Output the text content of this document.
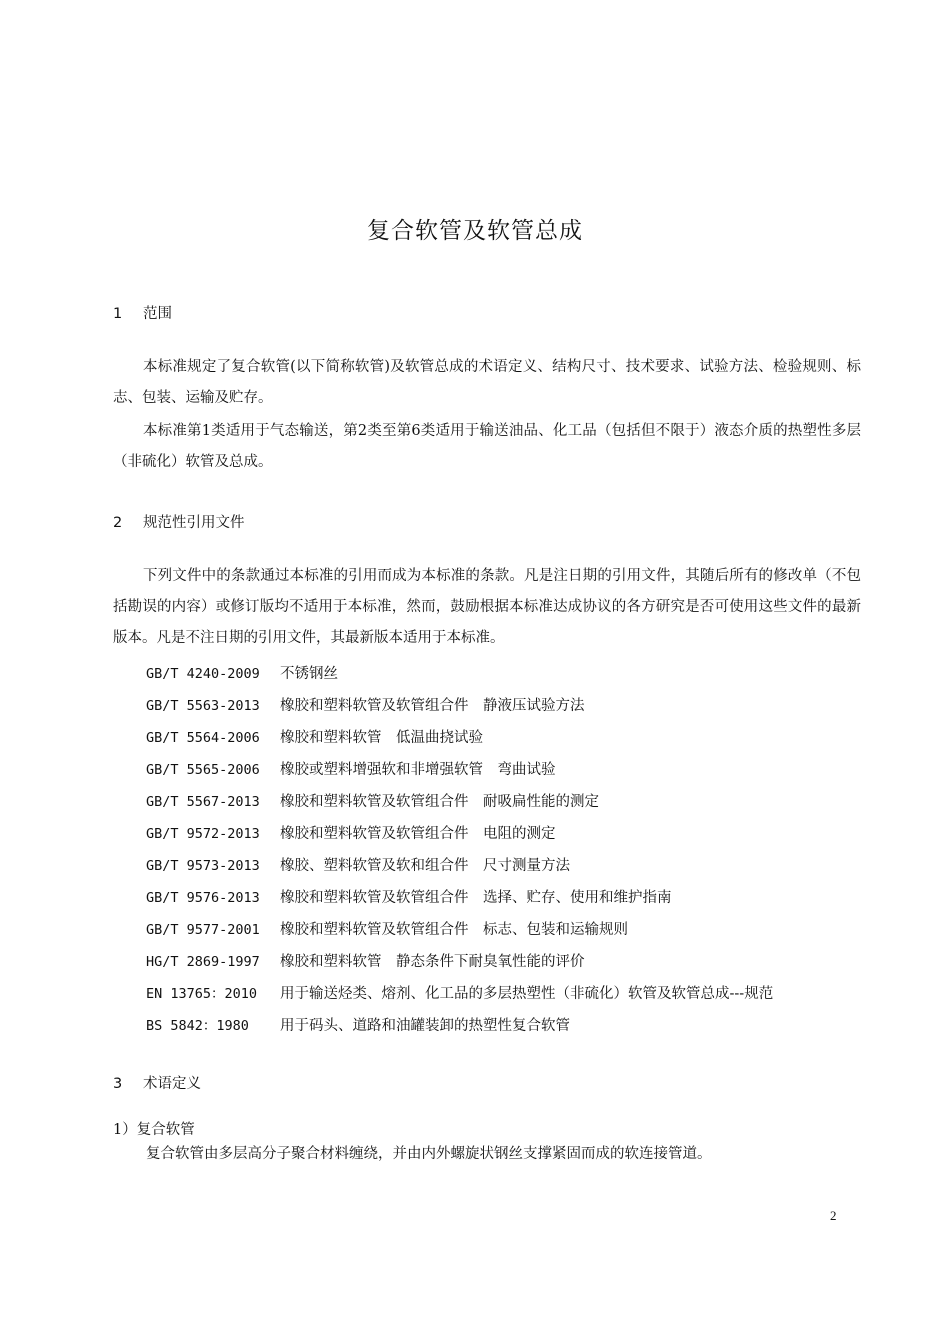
复合软管及软管总成
1 范围

本标准规定了复合软管(以下简称软管)及软管总成的术语定义、结构尺寸、技术要求、试验方法、检验规则、标志、包装、运输及贮存。

本标准第1类适用于气态输送，第2类至第6类适用于输送油品、化工品（包括但不限于）液态介质的热塑性多层（非硫化）软管及总成。

2 规范性引用文件

下列文件中的条款通过本标准的引用而成为本标准的条款。凡是注日期的引用文件，其随后所有的修改单（不包括勘误的内容）或修订版均不适用于本标准，然而，鼓励根据本标准达成协议的各方研究是否可使用这些文件的最新版本。凡是不注日期的引用文件，其最新版本适用于本标准。

GB/T 4240-2009 不锈钢丝
GB/T 5563-2013 橡胶和塑料软管及软管组合件　静液压试验方法
GB/T 5564-2006 橡胶和塑料软管　低温曲挠试验
GB/T 5565-2006 橡胶或塑料增强软和非增强软管　弯曲试验
GB/T 5567-2013 橡胶和塑料软管及软管组合件　耐吸扁性能的测定
GB/T 9572-2013 橡胶和塑料软管及软管组合件　电阻的测定
GB/T 9573-2013 橡胶、塑料软管及软和组合件　尺寸测量方法
GB/T 9576-2013 橡胶和塑料软管及软管组合件　选择、贮存、使用和维护指南
GB/T 9577-2001 橡胶和塑料软管及软管组合件　标志、包装和运输规则
HG/T 2869-1997 橡胶和塑料软管　静态条件下耐臭氧性能的评价
EN 13765：2010 用于输送烃类、熔剂、化工品的多层热塑性（非硫化）软管及软管总成---规范
BS 5842：1980 用于码头、道路和油罐装卸的热塑性复合软管
3 术语定义
1）复合软管
复合软管由多层高分子聚合材料缠绕，并由内外螺旋状钢丝支撑紧固而成的软连接管道。
2
